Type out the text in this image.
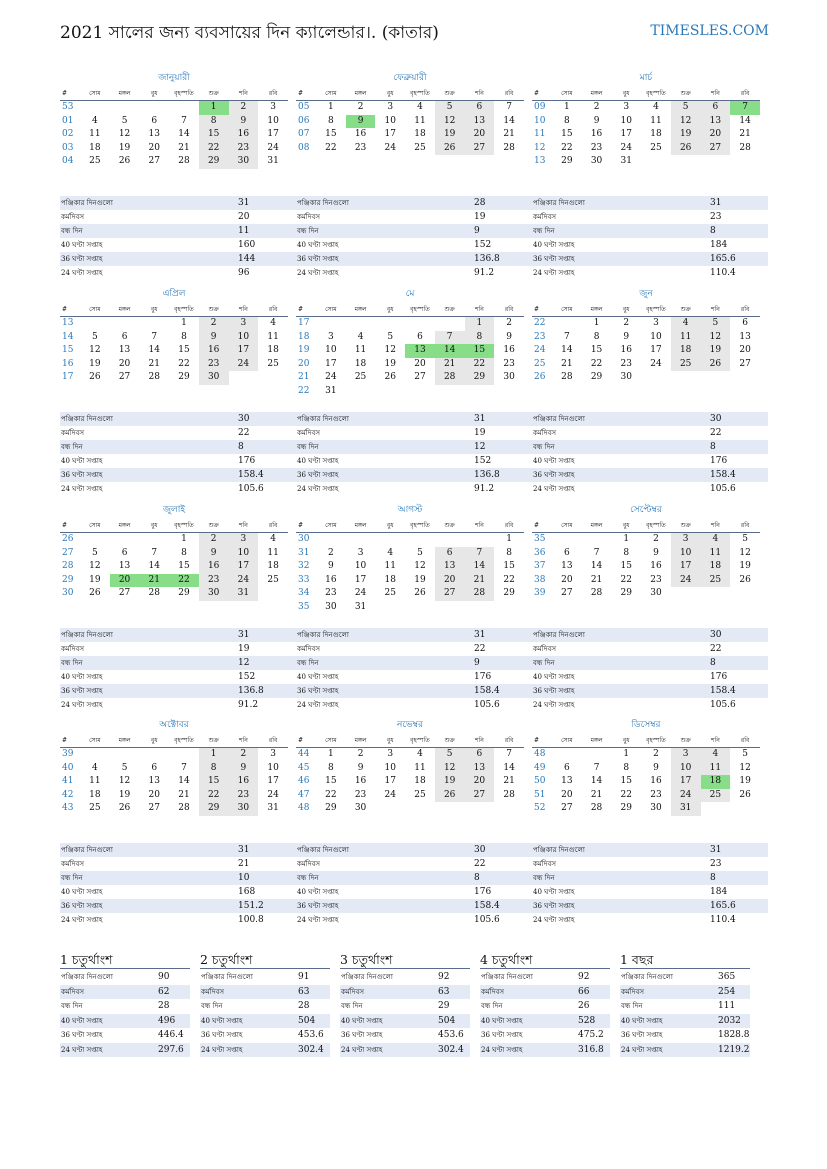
2021 সালের জন্য ব্যবসায়ের দিন ক্যালেন্ডার।. (কাতার)	TIMESLES.COM
জানুয়ারী
#	সোম	মঙ্গল	বুধ	বৃহস্পতি	শুক্র	শনি	রবি
53					1	2	3
01	4	5	6	7	8	9	10
02	11	12	13	14	15	16	17
03	18	19	20	21	22	23	24
04	25	26	27	28	29	30	31
পঞ্জিকার দিনগুলো	31
কর্মদিবস	20
বন্ধ দিন	11
40 ঘণ্টা সপ্তাহ	160
36 ঘণ্টা সপ্তাহ	144
24 ঘণ্টা সপ্তাহ	96
ফেব্রুয়ারী
#	সোম	মঙ্গল	বুধ	বৃহস্পতি	শুক্র	শনি	রবি
05	1	2	3	4	5	6	7
06	8	9	10	11	12	13	14
07	15	16	17	18	19	20	21
08	22	23	24	25	26	27	28
পঞ্জিকার দিনগুলো	28
কর্মদিবস	19
বন্ধ দিন	9
40 ঘণ্টা সপ্তাহ	152
36 ঘণ্টা সপ্তাহ	136.8
24 ঘণ্টা সপ্তাহ	91.2
মার্চ
#	সোম	মঙ্গল	বুধ	বৃহস্পতি	শুক্র	শনি	রবি
09	1	2	3	4	5	6	7
10	8	9	10	11	12	13	14
11	15	16	17	18	19	20	21
12	22	23	24	25	26	27	28
13	29	30	31				
পঞ্জিকার দিনগুলো	31
কর্মদিবস	23
বন্ধ দিন	8
40 ঘণ্টা সপ্তাহ	184
36 ঘণ্টা সপ্তাহ	165.6
24 ঘণ্টা সপ্তাহ	110.4
এপ্রিল
#	সোম	মঙ্গল	বুধ	বৃহস্পতি	শুক্র	শনি	রবি
13				1	2	3	4
14	5	6	7	8	9	10	11
15	12	13	14	15	16	17	18
16	19	20	21	22	23	24	25
17	26	27	28	29	30		
পঞ্জিকার দিনগুলো	30
কর্মদিবস	22
বন্ধ দিন	8
40 ঘণ্টা সপ্তাহ	176
36 ঘণ্টা সপ্তাহ	158.4
24 ঘণ্টা সপ্তাহ	105.6
মে
#	সোম	মঙ্গল	বুধ	বৃহস্পতি	শুক্র	শনি	রবি
17						1	2
18	3	4	5	6	7	8	9
19	10	11	12	13	14	15	16
20	17	18	19	20	21	22	23
21	24	25	26	27	28	29	30
22	31						
পঞ্জিকার দিনগুলো	31
কর্মদিবস	19
বন্ধ দিন	12
40 ঘণ্টা সপ্তাহ	152
36 ঘণ্টা সপ্তাহ	136.8
24 ঘণ্টা সপ্তাহ	91.2
জুন
#	সোম	মঙ্গল	বুধ	বৃহস্পতি	শুক্র	শনি	রবি
22		1	2	3	4	5	6
23	7	8	9	10	11	12	13
24	14	15	16	17	18	19	20
25	21	22	23	24	25	26	27
26	28	29	30				
পঞ্জিকার দিনগুলো	30
কর্মদিবস	22
বন্ধ দিন	8
40 ঘণ্টা সপ্তাহ	176
36 ঘণ্টা সপ্তাহ	158.4
24 ঘণ্টা সপ্তাহ	105.6
জুলাই
#	সোম	মঙ্গল	বুধ	বৃহস্পতি	শুক্র	শনি	রবি
26				1	2	3	4
27	5	6	7	8	9	10	11
28	12	13	14	15	16	17	18
29	19	20	21	22	23	24	25
30	26	27	28	29	30	31	
পঞ্জিকার দিনগুলো	31
কর্মদিবস	19
বন্ধ দিন	12
40 ঘণ্টা সপ্তাহ	152
36 ঘণ্টা সপ্তাহ	136.8
24 ঘণ্টা সপ্তাহ	91.2
আগস্ট
#	সোম	মঙ্গল	বুধ	বৃহস্পতি	শুক্র	শনি	রবি
30							1
31	2	3	4	5	6	7	8
32	9	10	11	12	13	14	15
33	16	17	18	19	20	21	22
34	23	24	25	26	27	28	29
35	30	31					
পঞ্জিকার দিনগুলো	31
কর্মদিবস	22
বন্ধ দিন	9
40 ঘণ্টা সপ্তাহ	176
36 ঘণ্টা সপ্তাহ	158.4
24 ঘণ্টা সপ্তাহ	105.6
সেপ্টেম্বর
#	সোম	মঙ্গল	বুধ	বৃহস্পতি	শুক্র	শনি	রবি
35			1	2	3	4	5
36	6	7	8	9	10	11	12
37	13	14	15	16	17	18	19
38	20	21	22	23	24	25	26
39	27	28	29	30			
পঞ্জিকার দিনগুলো	30
কর্মদিবস	22
বন্ধ দিন	8
40 ঘণ্টা সপ্তাহ	176
36 ঘণ্টা সপ্তাহ	158.4
24 ঘণ্টা সপ্তাহ	105.6
অক্টোবর
#	সোম	মঙ্গল	বুধ	বৃহস্পতি	শুক্র	শনি	রবি
39					1	2	3
40	4	5	6	7	8	9	10
41	11	12	13	14	15	16	17
42	18	19	20	21	22	23	24
43	25	26	27	28	29	30	31
পঞ্জিকার দিনগুলো	31
কর্মদিবস	21
বন্ধ দিন	10
40 ঘণ্টা সপ্তাহ	168
36 ঘণ্টা সপ্তাহ	151.2
24 ঘণ্টা সপ্তাহ	100.8
নভেম্বর
#	সোম	মঙ্গল	বুধ	বৃহস্পতি	শুক্র	শনি	রবি
44	1	2	3	4	5	6	7
45	8	9	10	11	12	13	14
46	15	16	17	18	19	20	21
47	22	23	24	25	26	27	28
48	29	30					
পঞ্জিকার দিনগুলো	30
কর্মদিবস	22
বন্ধ দিন	8
40 ঘণ্টা সপ্তাহ	176
36 ঘণ্টা সপ্তাহ	158.4
24 ঘণ্টা সপ্তাহ	105.6
ডিসেম্বর
#	সোম	মঙ্গল	বুধ	বৃহস্পতি	শুক্র	শনি	রবি
48			1	2	3	4	5
49	6	7	8	9	10	11	12
50	13	14	15	16	17	18	19
51	20	21	22	23	24	25	26
52	27	28	29	30	31		
পঞ্জিকার দিনগুলো	31
কর্মদিবস	23
বন্ধ দিন	8
40 ঘণ্টা সপ্তাহ	184
36 ঘণ্টা সপ্তাহ	165.6
24 ঘণ্টা সপ্তাহ	110.4
1 চতুর্থাংশ
পঞ্জিকার দিনগুলো	90
কর্মদিবস	62
বন্ধ দিন	28
40 ঘণ্টা সপ্তাহ	496
36 ঘণ্টা সপ্তাহ	446.4
24 ঘণ্টা সপ্তাহ	297.6
2 চতুর্থাংশ
পঞ্জিকার দিনগুলো	91
কর্মদিবস	63
বন্ধ দিন	28
40 ঘণ্টা সপ্তাহ	504
36 ঘণ্টা সপ্তাহ	453.6
24 ঘণ্টা সপ্তাহ	302.4
3 চতুর্থাংশ
পঞ্জিকার দিনগুলো	92
কর্মদিবস	63
বন্ধ দিন	29
40 ঘণ্টা সপ্তাহ	504
36 ঘণ্টা সপ্তাহ	453.6
24 ঘণ্টা সপ্তাহ	302.4
4 চতুর্থাংশ
পঞ্জিকার দিনগুলো	92
কর্মদিবস	66
বন্ধ দিন	26
40 ঘণ্টা সপ্তাহ	528
36 ঘণ্টা সপ্তাহ	475.2
24 ঘণ্টা সপ্তাহ	316.8
1 বছর
পঞ্জিকার দিনগুলো	365
কর্মদিবস	254
বন্ধ দিন	111
40 ঘণ্টা সপ্তাহ	2032
36 ঘণ্টা সপ্তাহ	1828.8
24 ঘণ্টা সপ্তাহ	1219.2
